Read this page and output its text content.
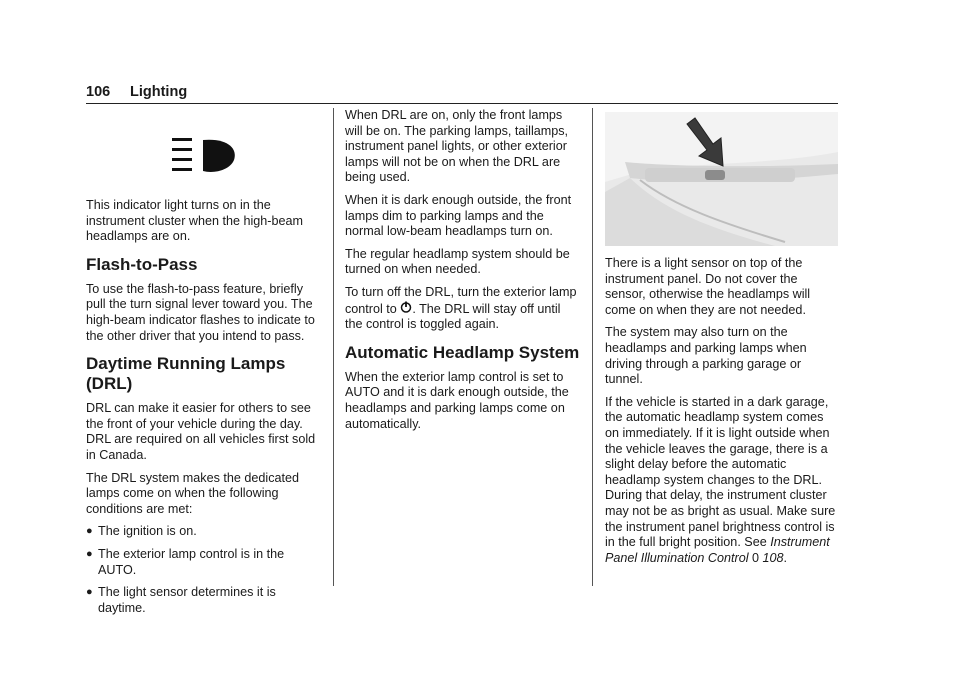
106 Lighting

This indicator light turns on in the instrument cluster when the high-beam headlamps are on.

Flash-to-Pass

To use the flash-to-pass feature, briefly pull the turn signal lever toward you. The high-beam indicator flashes to indicate to the other driver that you intend to pass.

Daytime Running Lamps (DRL)

DRL can make it easier for others to see the front of your vehicle during the day. DRL are required on all vehicles first sold in Canada.

The DRL system makes the dedicated lamps come on when the following conditions are met:

● The ignition is on.
● The exterior lamp control is in the AUTO.
● The light sensor determines it is daytime.

When DRL are on, only the front lamps will be on. The parking lamps, taillamps, instrument panel lights, or other exterior lamps will not be on when the DRL are being used.

When it is dark enough outside, the front lamps dim to parking lamps and the normal low-beam headlamps turn on.

The regular headlamp system should be turned on when needed.

To turn off the DRL, turn the exterior lamp control to . The DRL will stay off until the control is toggled again.

Automatic Headlamp System

When the exterior lamp control is set to AUTO and it is dark enough outside, the headlamps and parking lamps come on automatically.

There is a light sensor on top of the instrument panel. Do not cover the sensor, otherwise the headlamps will come on when they are not needed.

The system may also turn on the headlamps and parking lamps when driving through a parking garage or tunnel.

If the vehicle is started in a dark garage, the automatic headlamp system comes on immediately. If it is light outside when the vehicle leaves the garage, there is a slight delay before the automatic headlamp system changes to the DRL. During that delay, the instrument cluster may not be as bright as usual. Make sure the instrument panel brightness control is in the full bright position. See Instrument Panel Illumination Control 0 108.
